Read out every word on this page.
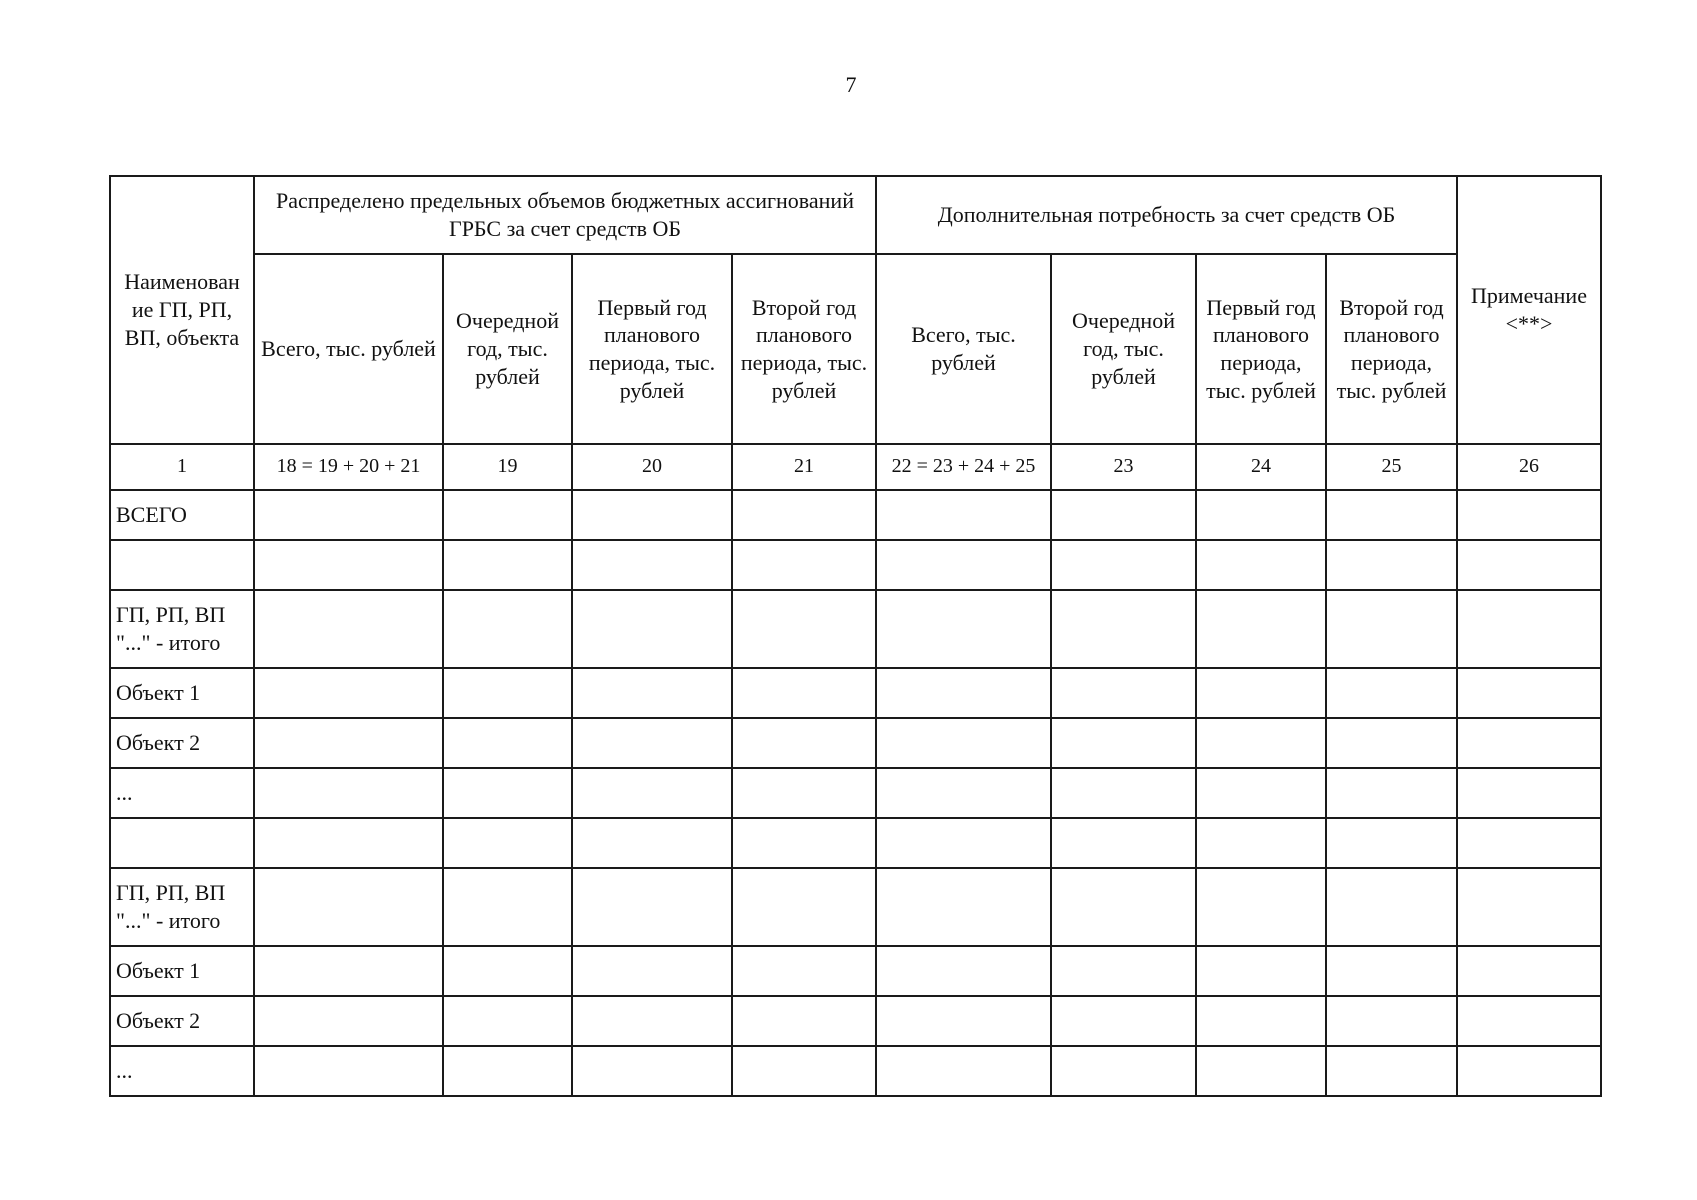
7
Наименован ие ГП, РП, ВП, объекта	Распределено предельных объемов бюджетных ассигнований ГРБС за счет средств ОБ				Дополнительная потребность за счет средств ОБ				Примечание <**>
	Всего, тыс. рублей	Очередной год, тыс. рублей	Первый год планового периода, тыс. рублей	Второй год планового периода, тыс. рублей	Всего, тыс. рублей	Очередной год, тыс. рублей	Первый год планового периода, тыс. рублей	Второй год планового периода, тыс. рублей	
1	18 = 19 + 20 + 21	19	20	21	22 = 23 + 24 + 25	23	24	25	26
ВСЕГО									

ГП, РП, ВП "..." - итого									
Объект 1									
Объект 2									
...									

ГП, РП, ВП "..." - итого									
Объект 1									
Объект 2									
...									
